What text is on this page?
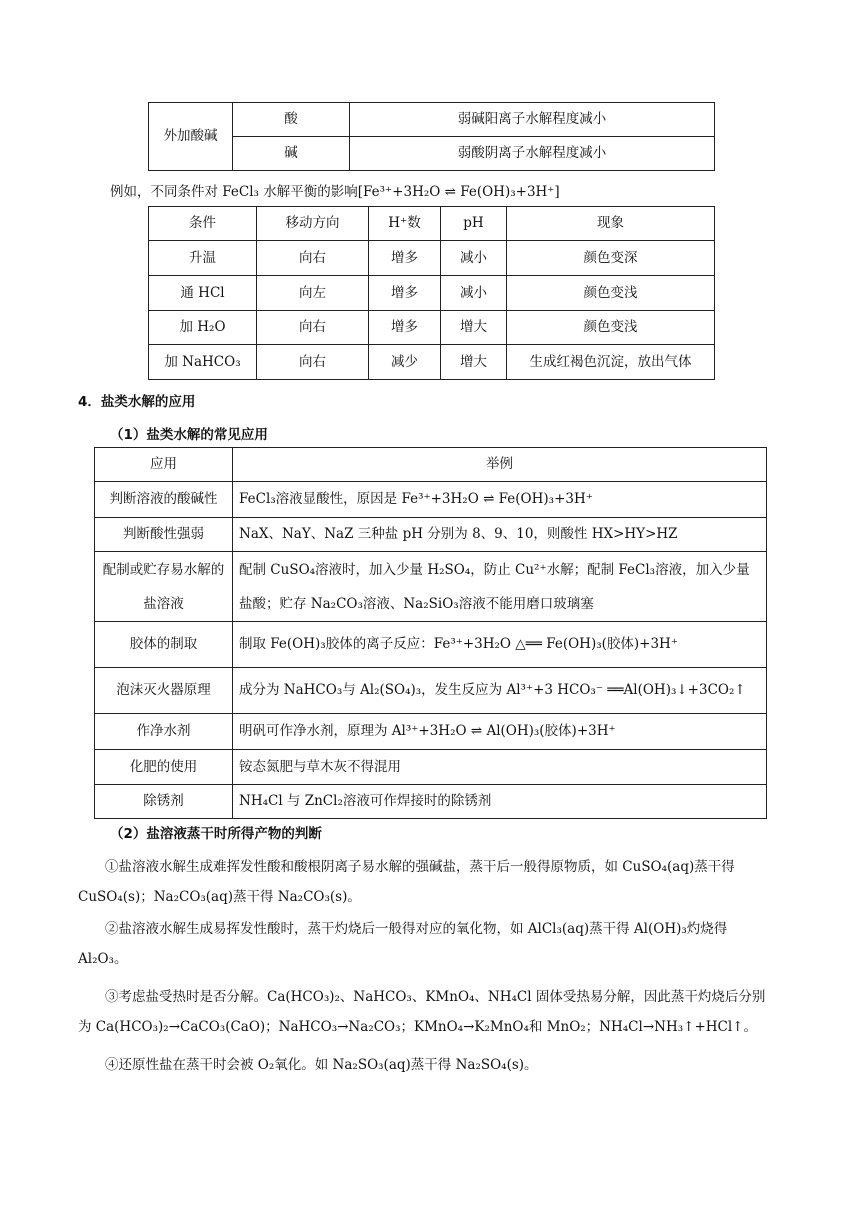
外加酸碱	酸	弱碱阳离子水解程度减小
	碱	弱酸阴离子水解程度减小
例如，不同条件对 FeCl₃ 水解平衡的影响[Fe³⁺+3H₂O ⇌ Fe(OH)₃+3H⁺]
条件	移动方向	H⁺数	pH	现象
升温	向右	增多	减小	颜色变深
通 HCl	向左	增多	减小	颜色变浅
加 H₂O	向右	增多	增大	颜色变浅
加 NaHCO₃	向右	减少	增大	生成红褐色沉淀，放出气体
4．盐类水解的应用
（1）盐类水解的常见应用
应用	举例
判断溶液的酸碱性	FeCl₃溶液显酸性，原因是 Fe³⁺+3H₂O ⇌ Fe(OH)₃+3H⁺
判断酸性强弱	NaX、NaY、NaZ 三种盐 pH 分别为 8、9、10，则酸性 HX>HY>HZ
配制或贮存易水解的盐溶液	配制 CuSO₄溶液时，加入少量 H₂SO₄，防止 Cu²⁺水解；配制 FeCl₃溶液，加入少量盐酸；贮存 Na₂CO₃溶液、Na₂SiO₃溶液不能用磨口玻璃塞
胶体的制取	制取 Fe(OH)₃胶体的离子反应：Fe³⁺+3H₂O △══ Fe(OH)₃(胶体)+3H⁺
泡沫灭火器原理	成分为 NaHCO₃与 Al₂(SO₄)₃，发生反应为 Al³⁺+3 HCO₃⁻ ══Al(OH)₃↓+3CO₂↑
作净水剂	明矾可作净水剂，原理为 Al³⁺+3H₂O ⇌ Al(OH)₃(胶体)+3H⁺
化肥的使用	铵态氮肥与草木灰不得混用
除锈剂	NH₄Cl 与 ZnCl₂溶液可作焊接时的除锈剂
（2）盐溶液蒸干时所得产物的判断
①盐溶液水解生成难挥发性酸和酸根阴离子易水解的强碱盐，蒸干后一般得原物质，如 CuSO₄(aq)蒸干得 CuSO₄(s)；Na₂CO₃(aq)蒸干得 Na₂CO₃(s)。
②盐溶液水解生成易挥发性酸时，蒸干灼烧后一般得对应的氧化物，如 AlCl₃(aq)蒸干得 Al(OH)₃灼烧得 Al₂O₃。
③考虑盐受热时是否分解。Ca(HCO₃)₂、NaHCO₃、KMnO₄、NH₄Cl 固体受热易分解，因此蒸干灼烧后分别为 Ca(HCO₃)₂→CaCO₃(CaO)；NaHCO₃→Na₂CO₃；KMnO₄→K₂MnO₄和 MnO₂；NH₄Cl→NH₃↑+HCl↑。
④还原性盐在蒸干时会被 O₂氧化。如 Na₂SO₃(aq)蒸干得 Na₂SO₄(s)。
